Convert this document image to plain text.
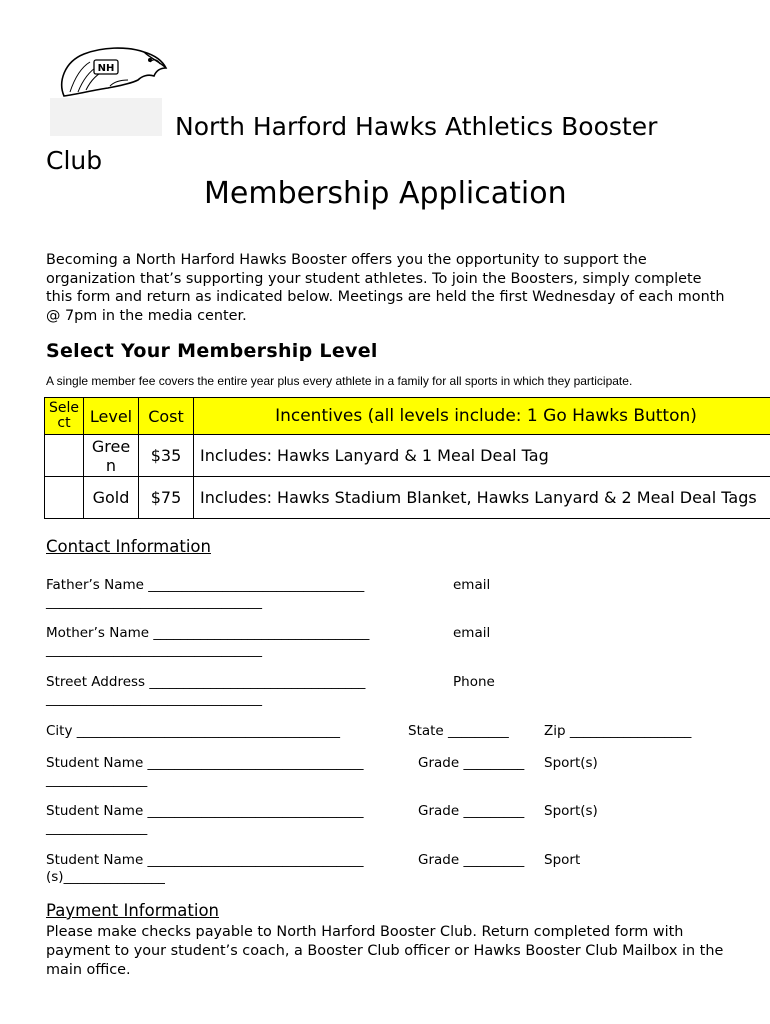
NH
North Harford Hawks Athletics Booster
Club
Membership Application
Becoming a North Harford Hawks Booster offers you the opportunity to support the organization that’s supporting your student athletes. To join the Boosters, simply complete this form and return as indicated below. Meetings are held the first Wednesday of each month @ 7pm in the media center.
Select Your Membership Level
A single member fee covers the entire year plus every athlete in a family for all sports in which they participate.
Sele ct	Level	Cost	Incentives (all levels include: 1 Go Hawks Button)
	Gree n	$35	Includes: Hawks Lanyard & 1 Meal Deal Tag
	Gold	$75	Includes: Hawks Stadium Blanket, Hawks Lanyard & 2 Meal Deal Tags
Contact Information
Father’s Name ________________________________	email
________________________________
Mother’s Name ________________________________	email
________________________________
Street Address ________________________________	Phone
________________________________
City _______________________________________	State _________	Zip __________________
Student Name ________________________________	Grade _________ Sport(s)
_______________
Student Name ________________________________	Grade _________ Sport(s)
_______________
Student Name ________________________________	Grade _________ Sport
(s)_______________
Payment Information
Please make checks payable to North Harford Booster Club. Return completed form with payment to your student’s coach, a Booster Club officer or Hawks Booster Club Mailbox in the main office.
